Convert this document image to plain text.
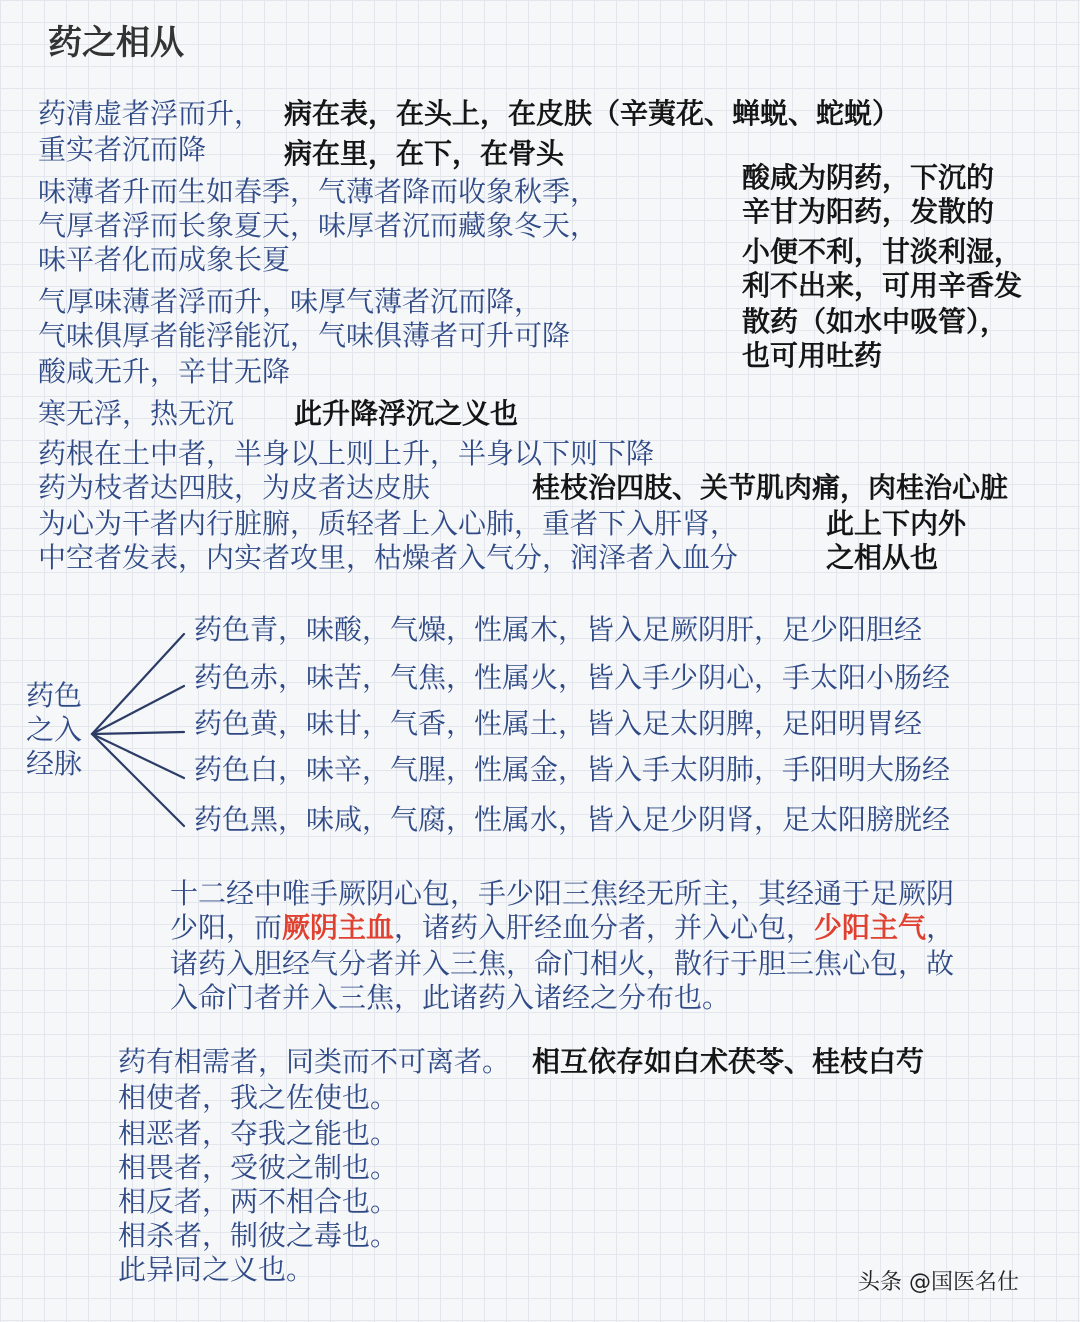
药之相从
药清虚者浮而升， 病在表，在头上，在皮肤（辛荑花、蝉蜕、蛇蜕）
重实者沉而降	病在里，在下，在骨头
味薄者升而生如春季，气薄者降而收象秋季，
气厚者浮而长象夏天，味厚者沉而藏象冬天，
味平者化而成象长夏
气厚味薄者浮而升，味厚气薄者沉而降，
气味俱厚者能浮能沉，气味俱薄者可升可降
酸咸无升，辛甘无降
寒无浮，热无沉 此升降浮沉之义也
药根在土中者，半身以上则上升，半身以下则下降
药为枝者达四肢，为皮者达皮肤	桂枝治四肢、关节肌肉痛，肉桂治心脏
为心为干者内行脏腑，质轻者上入心肺，重者下入肝肾，	此上下内外
中空者发表，内实者攻里，枯燥者入气分，润泽者入血分	之相从也
酸咸为阴药，下沉的
辛甘为阳药，发散的
小便不利，甘淡利湿，
利不出来，可用辛香发
散药（如水中吸管），
也可用吐药
药色
之入
经脉
药色青，味酸，气燥，性属木，皆入足厥阴肝，足少阳胆经
药色赤，味苦，气焦，性属火，皆入手少阴心，手太阳小肠经
药色黄，味甘，气香，性属土，皆入足太阴脾，足阳明胃经
药色白，味辛，气腥，性属金，皆入手太阴肺，手阳明大肠经
药色黑，味咸，气腐，性属水，皆入足少阴肾，足太阳膀胱经
十二经中唯手厥阴心包，手少阳三焦经无所主，其经通于足厥阴
少阳，而厥阴主血，诸药入肝经血分者，并入心包，少阳主气，
诸药入胆经气分者并入三焦，命门相火，散行于胆三焦心包，故
入命门者并入三焦，此诸药入诸经之分布也。
药有相需者，同类而不可离者。 相互依存如白术茯苓、桂枝白芍
相使者，我之佐使也。
相恶者，夺我之能也。
相畏者，受彼之制也。
相反者，两不相合也。
相杀者，制彼之毒也。
此异同之义也。	头条 @国医名仕
